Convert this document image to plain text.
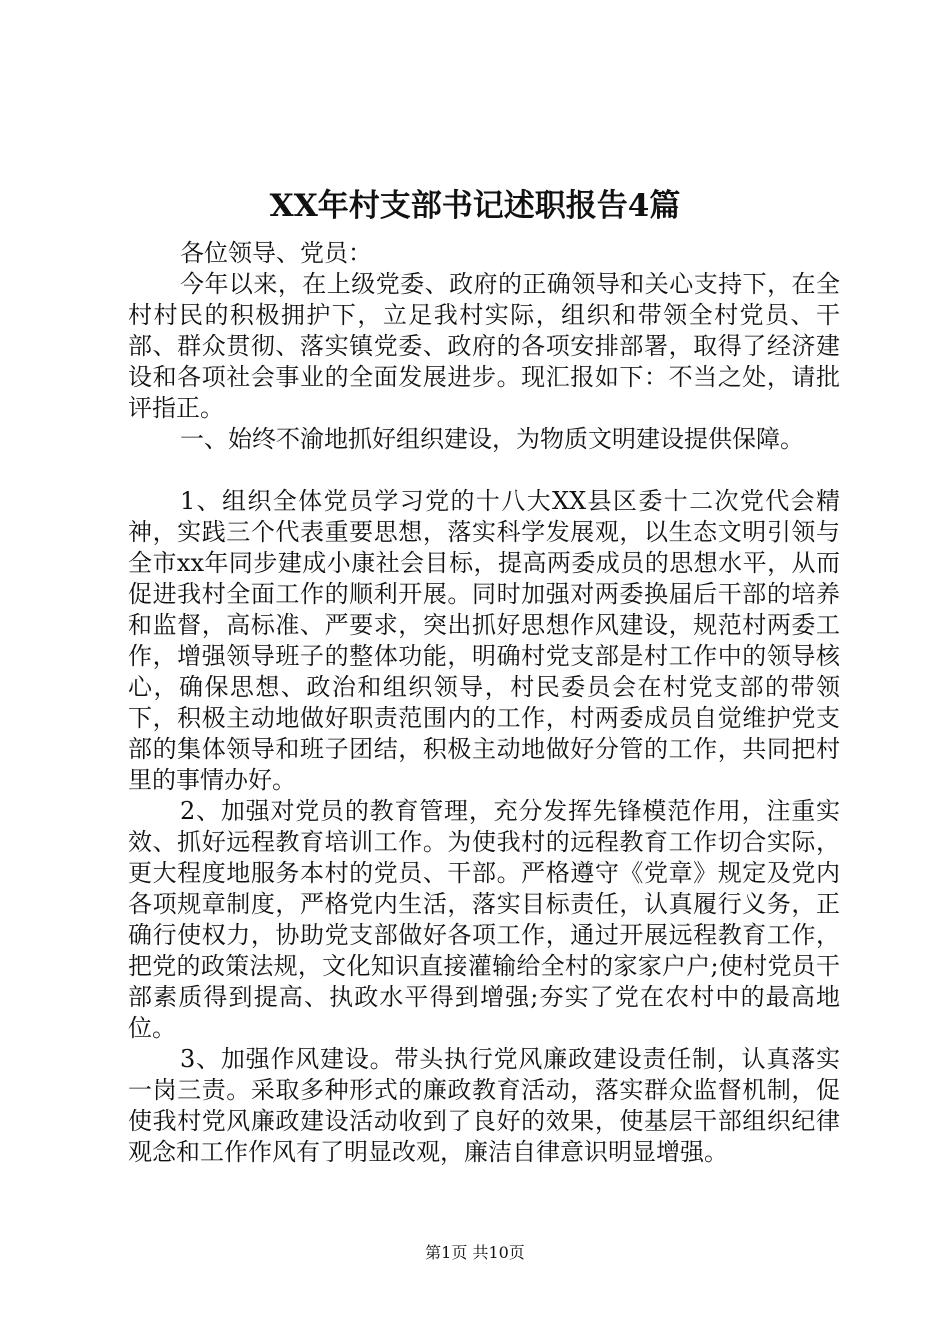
XX年村支部书记述职报告4篇

各位领导、党员：

今年以来，在上级党委、政府的正确领导和关心支持下，在全村村民的积极拥护下，立足我村实际，组织和带领全村党员、干部、群众贯彻、落实镇党委、政府的各项安排部署，取得了经济建设和各项社会事业的全面发展进步。现汇报如下：不当之处，请批评指正。

一、始终不渝地抓好组织建设，为物质文明建设提供保障。

1、组织全体党员学习党的十八大XX县区委十二次党代会精神，实践三个代表重要思想，落实科学发展观，以生态文明引领与全市xx年同步建成小康社会目标，提高两委成员的思想水平，从而促进我村全面工作的顺利开展。同时加强对两委换届后干部的培养和监督，高标准、严要求，突出抓好思想作风建设，规范村两委工作，增强领导班子的整体功能，明确村党支部是村工作中的领导核心，确保思想、政治和组织领导，村民委员会在村党支部的带领下，积极主动地做好职责范围内的工作，村两委成员自觉维护党支部的集体领导和班子团结，积极主动地做好分管的工作，共同把村里的事情办好。

2、加强对党员的教育管理，充分发挥先锋模范作用，注重实效、抓好远程教育培训工作。为使我村的远程教育工作切合实际，更大程度地服务本村的党员、干部。严格遵守《党章》规定及党内各项规章制度，严格党内生活，落实目标责任，认真履行义务，正确行使权力，协助党支部做好各项工作，通过开展远程教育工作，把党的政策法规，文化知识直接灌输给全村的家家户户;使村党员干部素质得到提高、执政水平得到增强;夯实了党在农村中的最高地位。

3、加强作风建设。带头执行党风廉政建设责任制，认真落实一岗三责。采取多种形式的廉政教育活动，落实群众监督机制，促使我村党风廉政建设活动收到了良好的效果，使基层干部组织纪律观念和工作作风有了明显改观，廉洁自律意识明显增强。

第1页 共10页
